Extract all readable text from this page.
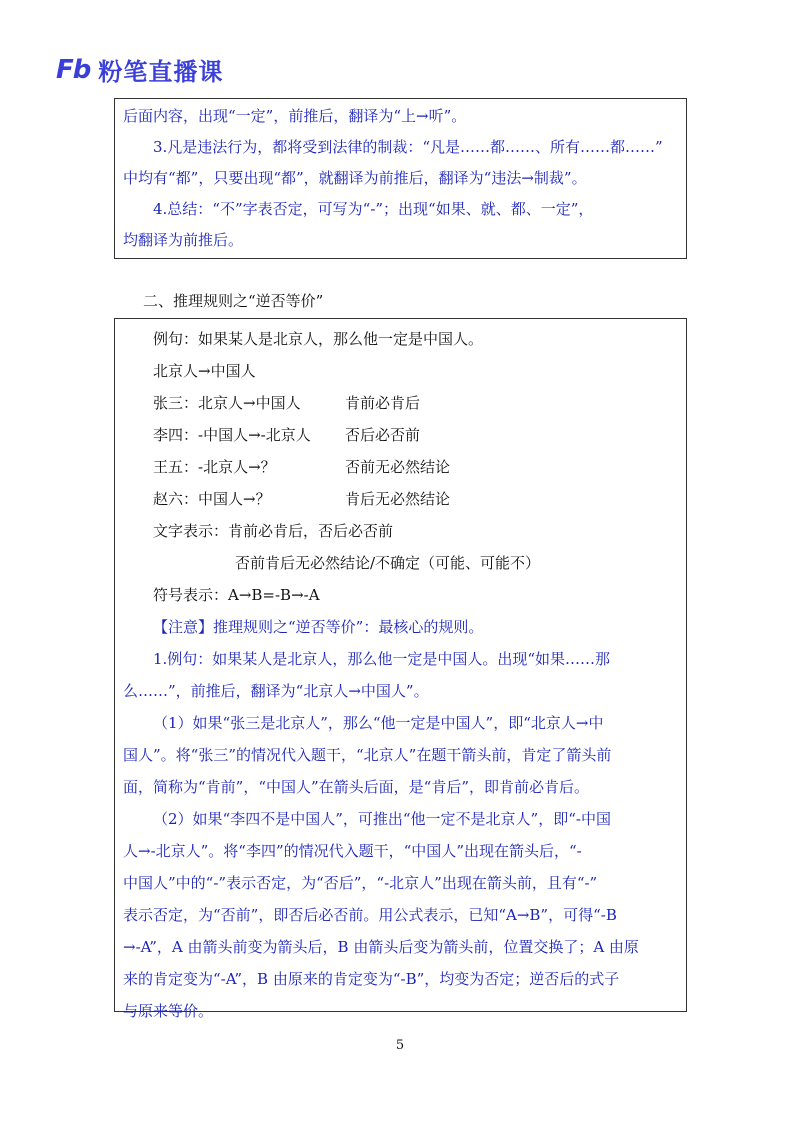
Fb 粉笔直播课
后面内容，出现“一定”，前推后，翻译为“上→听”。
3.凡是违法行为，都将受到法律的制裁：“凡是……都……、所有……都……”
中均有“都”，只要出现“都”，就翻译为前推后，翻译为“违法→制裁”。
4.总结：“不”字表否定，可写为“-”；出现“如果、就、都、一定”，
均翻译为前推后。
二、推理规则之“逆否等价”
例句：如果某人是北京人，那么他一定是中国人。
北京人→中国人
张三：北京人→中国人	肯前必肯后
李四：-中国人→-北京人 否后必否前
王五：-北京人→？	否前无必然结论
赵六：中国人→？	肯后无必然结论
文字表示：肯前必肯后，否后必否前
否前肯后无必然结论/不确定（可能、可能不）
符号表示：A→B=-B→-A
【注意】推理规则之“逆否等价”：最核心的规则。
1.例句：如果某人是北京人，那么他一定是中国人。出现“如果……那
么……”，前推后，翻译为“北京人→中国人”。
（1）如果“张三是北京人”，那么“他一定是中国人”，即“北京人→中
国人”。将“张三”的情况代入题干，“北京人”在题干箭头前，肯定了箭头前
面，简称为“肯前”，“中国人”在箭头后面，是“肯后”，即肯前必肯后。
（2）如果“李四不是中国人”，可推出“他一定不是北京人”，即“-中国
人→-北京人”。将“李四”的情况代入题干，“中国人”出现在箭头后，“-
中国人”中的“-”表示否定，为“否后”，“-北京人”出现在箭头前，且有“-”
表示否定，为“否前”，即否后必否前。用公式表示，已知“A→B”，可得“-B
→-A”，A 由箭头前变为箭头后，B 由箭头后变为箭头前，位置交换了；A 由原
来的肯定变为“-A”，B 由原来的肯定变为“-B”，均变为否定；逆否后的式子
与原来等价。
5
